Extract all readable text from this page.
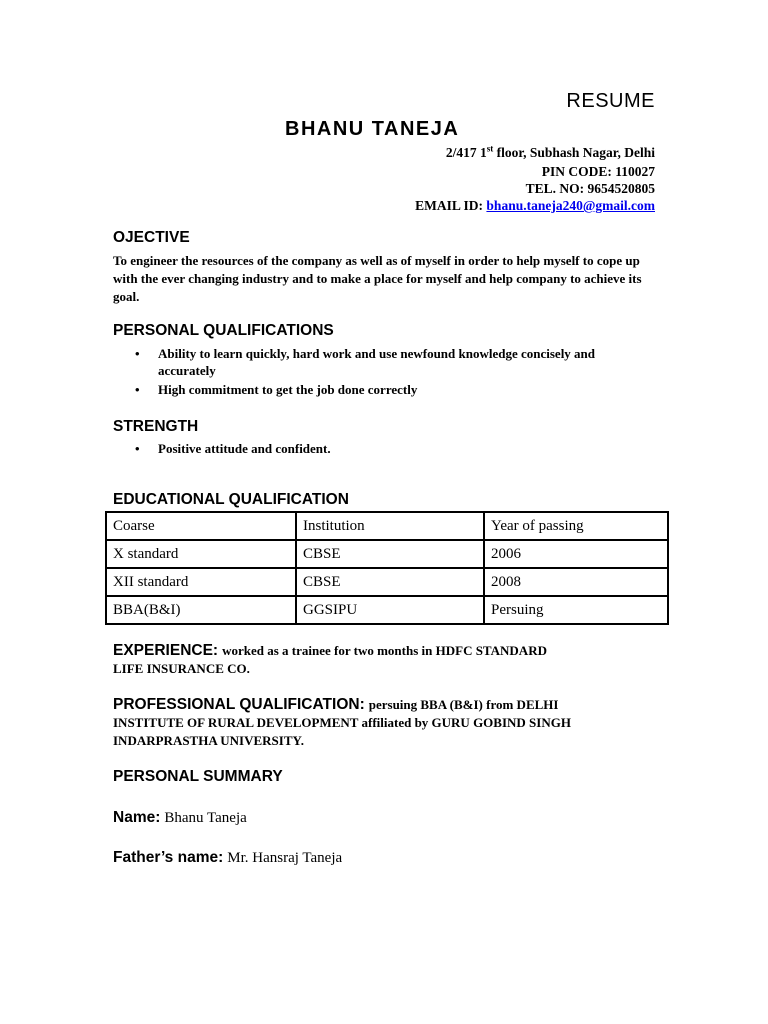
RESUME
BHANU TANEJA
2/417 1st floor, Subhash Nagar, Delhi
PIN CODE: 110027
TEL. NO: 9654520805
EMAIL ID: bhanu.taneja240@gmail.com
OJECTIVE
To engineer the resources of the company as well as of myself in order to help myself to cope up with the ever changing industry and to make a place for myself and help company to achieve its goal.
PERSONAL QUALIFICATIONS
• Ability to learn quickly, hard work and use newfound knowledge concisely and accurately
• High commitment to get the job done correctly
STRENGTH
• Positive attitude and confident.
EDUCATIONAL QUALIFICATION
Coarse	Institution	Year of passing
X standard	CBSE	2006
XII standard	CBSE	2008
BBA(B&I)	GGSIPU	Persuing
EXPERIENCE: worked as a trainee for two months in HDFC STANDARD
LIFE INSURANCE CO.
PROFESSIONAL QUALIFICATION: persuing BBA (B&I) from DELHI
INSTITUTE OF RURAL DEVELOPMENT affiliated by GURU GOBIND SINGH
INDARPRASTHA UNIVERSITY.
PERSONAL SUMMARY
Name: Bhanu Taneja
Father’s name: Mr. Hansraj Taneja
